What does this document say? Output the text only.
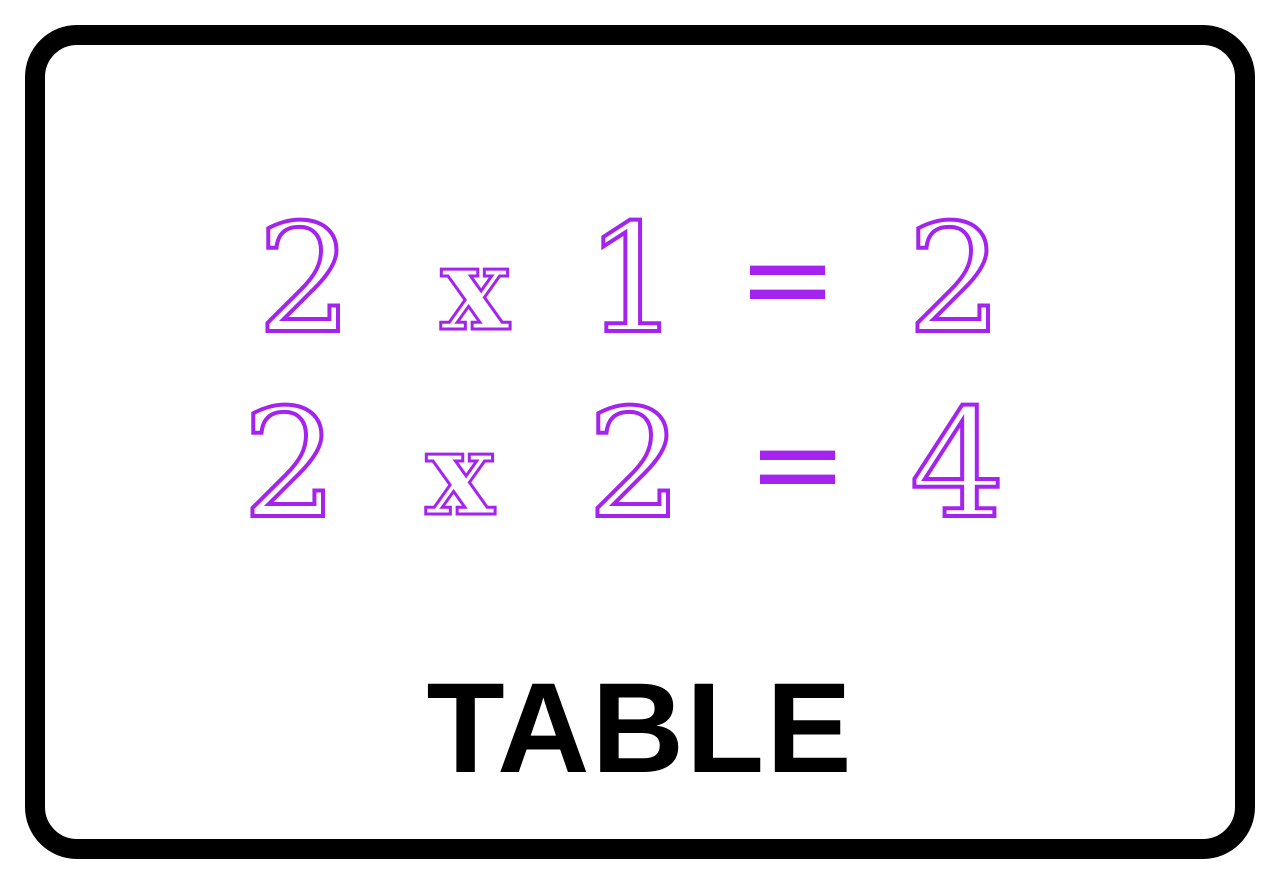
2 x 1 = 2
2 x 2 = 4
TABLE
